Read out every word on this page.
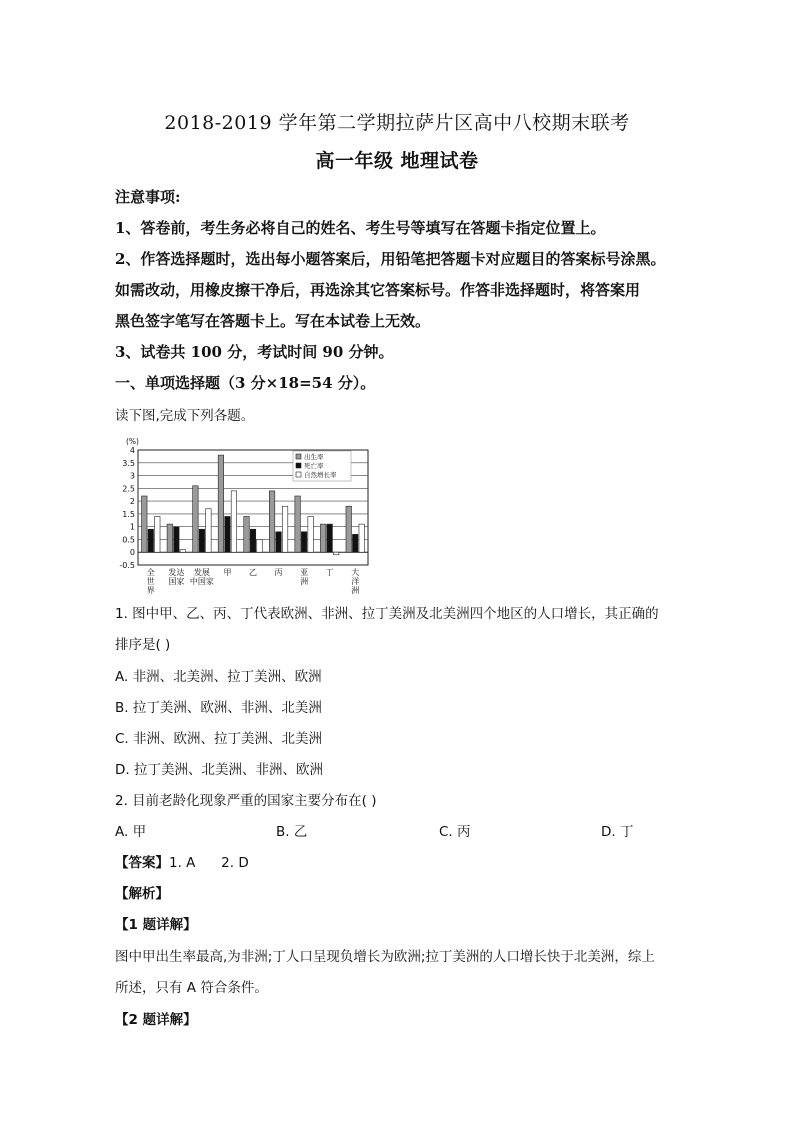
2018-2019 学年第二学期拉萨片区高中八校期末联考
高一年级 地理试卷
注意事项:
1、答卷前，考生务必将自己的姓名、考生号等填写在答题卡指定位置上。
2、作答选择题时，选出每小题答案后，用铅笔把答题卡对应题目的答案标号涂黑。
如需改动，用橡皮擦干净后，再选涂其它答案标号。作答非选择题时，将答案用
黑色签字笔写在答题卡上。写在本试卷上无效。
3、试卷共 100 分，考试时间 90 分钟。
一、单项选择题（3 分×18=54 分）。
读下图,完成下列各题。
4
3.5
3
2.5
2
1.5
1
0.5
0
-0.5
(%)
全
世
界
发达
国家
发展
中国家
甲 乙 丙 亚
洲
丁 大
洋
洲
出生率
死亡率
自然增长率
1. 图中甲、乙、丙、丁代表欧洲、非洲、拉丁美洲及北美洲四个地区的人口增长，其正确的
排序是( )
A. 非洲、北美洲、拉丁美洲、欧洲
B. 拉丁美洲、欧洲、非洲、北美洲
C. 非洲、欧洲、拉丁美洲、北美洲
D. 拉丁美洲、北美洲、非洲、欧洲
2. 目前老龄化现象严重的国家主要分布在( )
A. 甲	B. 乙	C. 丙	D. 丁
【答案】1. A      2. D
【解析】
【1 题详解】
图中甲出生率最高,为非洲;丁人口呈现负增长为欧洲;拉丁美洲的人口增长快于北美洲，综上
所述，只有 A 符合条件。
【2 题详解】
